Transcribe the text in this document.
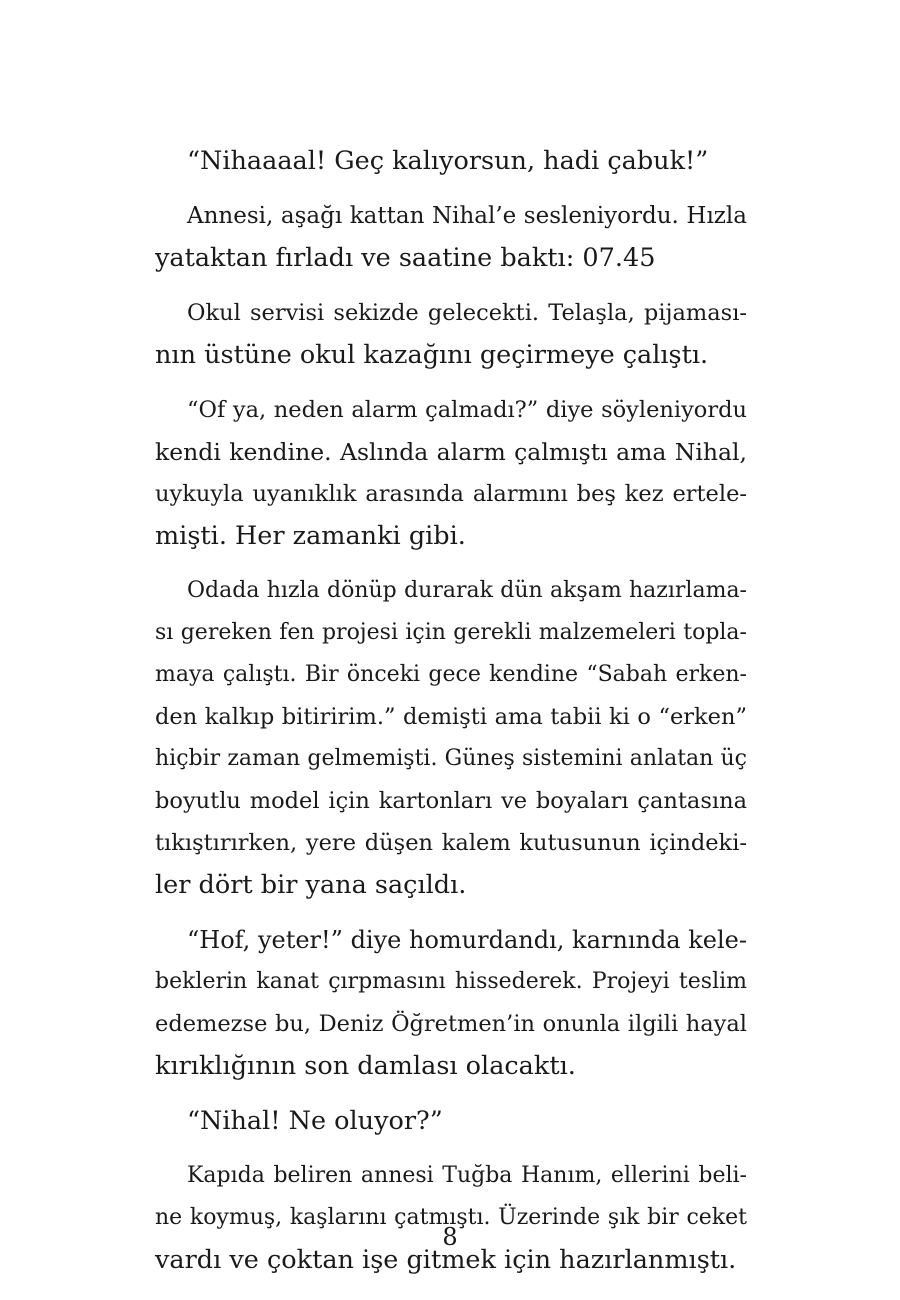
“Nihaaaal! Geç kalıyorsun, hadi çabuk!”
Annesi, aşağı kattan Nihal’e sesleniyordu. Hızla
yataktan fırladı ve saatine baktı: 07.45
Okul servisi sekizde gelecekti. Telaşla, pijaması-
nın üstüne okul kazağını geçirmeye çalıştı.
“Of ya, neden alarm çalmadı?” diye söyleniyordu
kendi kendine. Aslında alarm çalmıştı ama Nihal,
uykuyla uyanıklık arasında alarmını beş kez ertele-
mişti. Her zamanki gibi.
Odada hızla dönüp durarak dün akşam hazırlama-
sı gereken fen projesi için gerekli malzemeleri topla-
maya çalıştı. Bir önceki gece kendine “Sabah erken-
den kalkıp bitiririm.” demişti ama tabii ki o “erken”
hiçbir zaman gelmemişti. Güneş sistemini anlatan üç
boyutlu model için kartonları ve boyaları çantasına
tıkıştırırken, yere düşen kalem kutusunun içindeki-
ler dört bir yana saçıldı.
“Hof, yeter!” diye homurdandı, karnında kele-
beklerin kanat çırpmasını hissederek. Projeyi teslim
edemezse bu, Deniz Öğretmen’in onunla ilgili hayal
kırıklığının son damlası olacaktı.
“Nihal! Ne oluyor?”
Kapıda beliren annesi Tuğba Hanım, ellerini beli-
ne koymuş, kaşlarını çatmıştı. Üzerinde şık bir ceket
vardı ve çoktan işe gitmek için hazırlanmıştı.
8
